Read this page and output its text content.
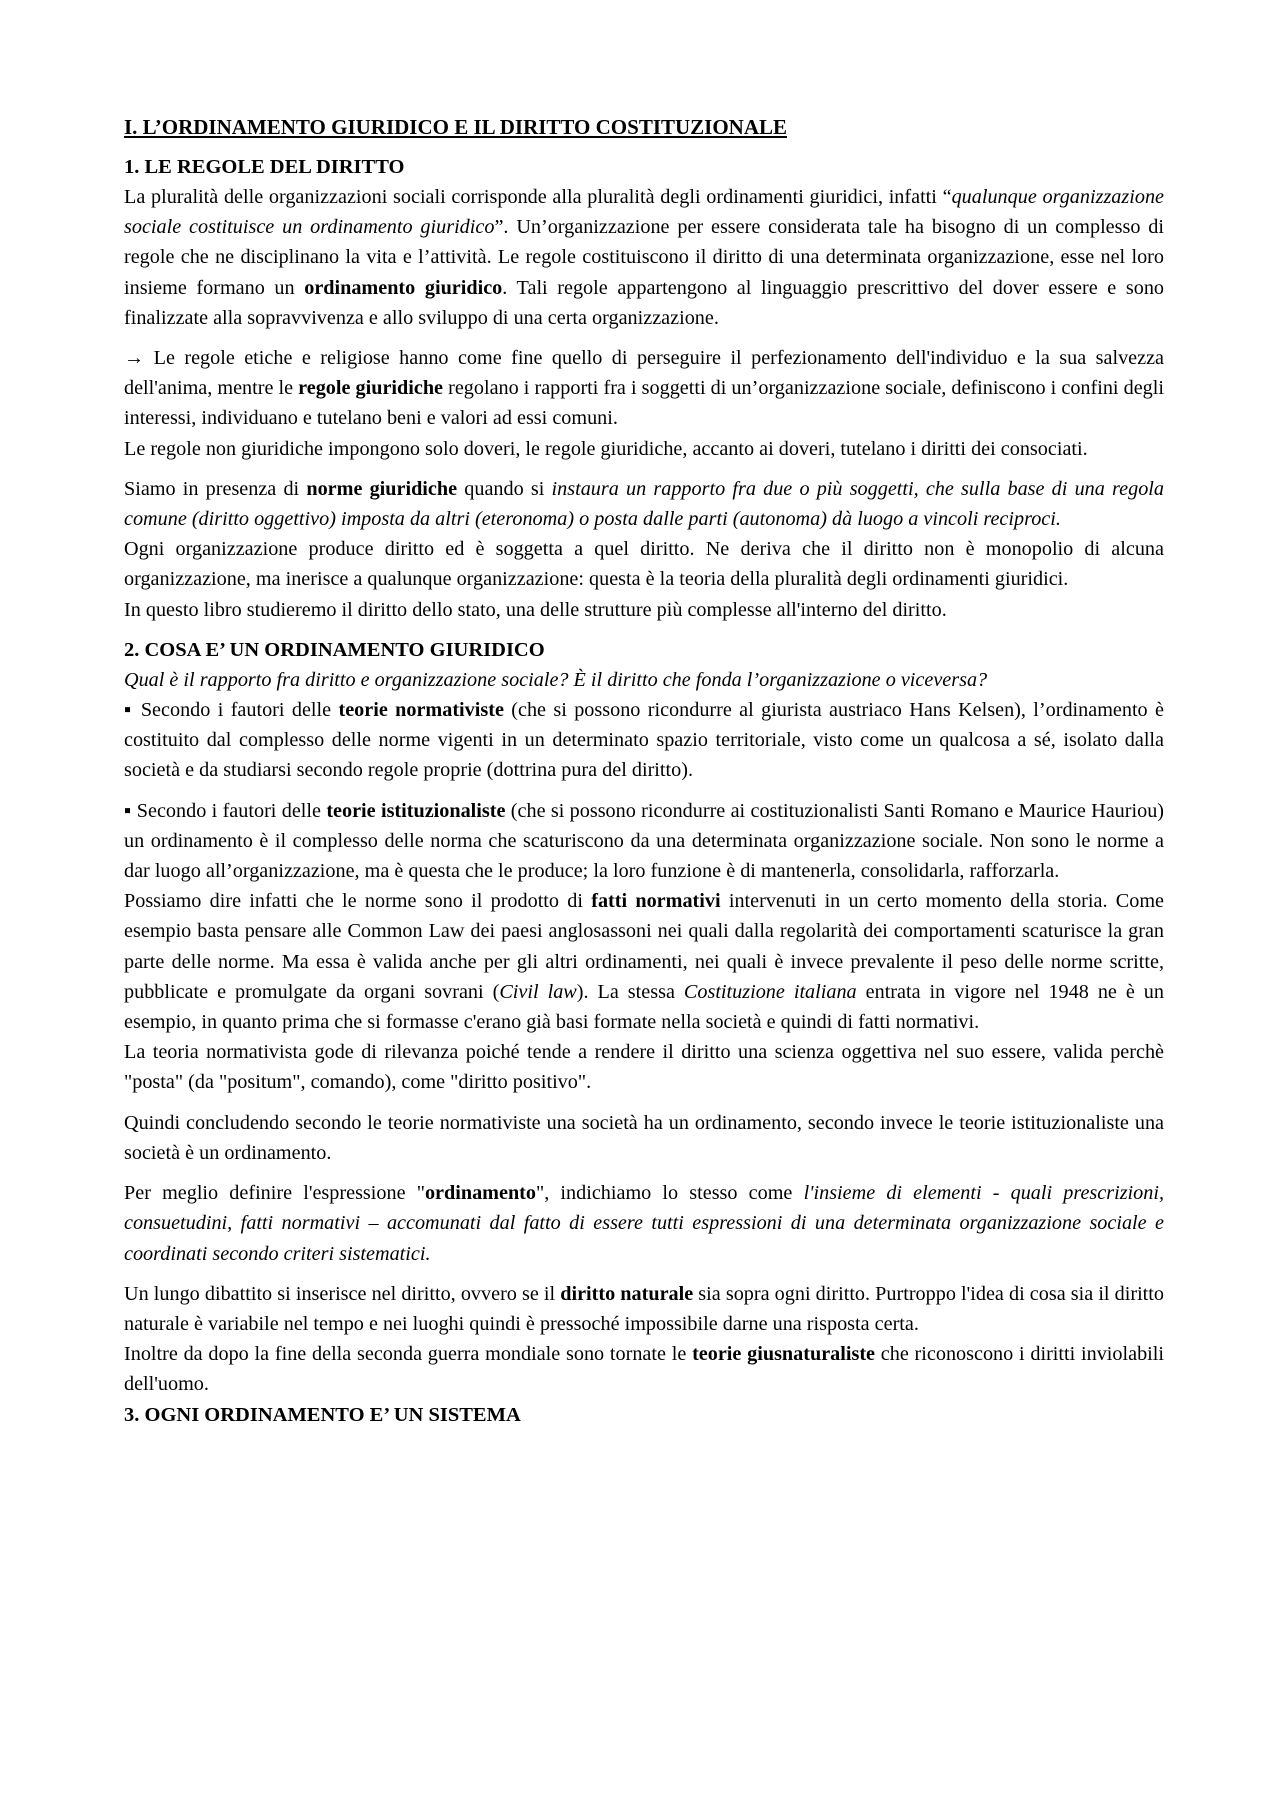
I. L’ORDINAMENTO GIURIDICO E IL DIRITTO COSTITUZIONALE
1. LE REGOLE DEL DIRITTO

La pluralità delle organizzazioni sociali corrisponde alla pluralità degli ordinamenti giuridici, infatti “qualunque organizzazione sociale costituisce un ordinamento giuridico”. Un’organizzazione per essere considerata tale ha bisogno di un complesso di regole che ne disciplinano la vita e l’attività. Le regole costituiscono il diritto di una determinata organizzazione, esse nel loro insieme formano un ordinamento giuridico. Tali regole appartengono al linguaggio prescrittivo del dover essere e sono finalizzate alla sopravvivenza e allo sviluppo di una certa organizzazione.

→ Le regole etiche e religiose hanno come fine quello di perseguire il perfezionamento dell'individuo e la sua salvezza dell'anima, mentre le regole giuridiche regolano i rapporti fra i soggetti di un’organizzazione sociale, definiscono i confini degli interessi, individuano e tutelano beni e valori ad essi comuni.

Le regole non giuridiche impongono solo doveri, le regole giuridiche, accanto ai doveri, tutelano i diritti dei consociati.

Siamo in presenza di norme giuridiche quando si instaura un rapporto fra due o più soggetti, che sulla base di una regola comune (diritto oggettivo) imposta da altri (eteronoma) o posta dalle parti (autonoma) dà luogo a vincoli reciproci.

Ogni organizzazione produce diritto ed è soggetta a quel diritto. Ne deriva che il diritto non è monopolio di alcuna organizzazione, ma inerisce a qualunque organizzazione: questa è la teoria della pluralità degli ordinamenti giuridici.

In questo libro studieremo il diritto dello stato, una delle strutture più complesse all'interno del diritto.

2. COSA E’ UN ORDINAMENTO GIURIDICO

Qual è il rapporto fra diritto e organizzazione sociale? È il diritto che fonda l’organizzazione o viceversa?

▪ Secondo i fautori delle teorie normativiste (che si possono ricondurre al giurista austriaco Hans Kelsen), l’ordinamento è costituito dal complesso delle norme vigenti in un determinato spazio territoriale, visto come un qualcosa a sé, isolato dalla società e da studiarsi secondo regole proprie (dottrina pura del diritto).

▪ Secondo i fautori delle teorie istituzionaliste (che si possono ricondurre ai costituzionalisti Santi Romano e Maurice Hauriou) un ordinamento è il complesso delle norma che scaturiscono da una determinata organizzazione sociale. Non sono le norme a dar luogo all’organizzazione, ma è questa che le produce; la loro funzione è di mantenerla, consolidarla, rafforzarla.

Possiamo dire infatti che le norme sono il prodotto di fatti normativi intervenuti in un certo momento della storia. Come esempio basta pensare alle Common Law dei paesi anglosassoni nei quali dalla regolarità dei comportamenti scaturisce la gran parte delle norme. Ma essa è valida anche per gli altri ordinamenti, nei quali è invece prevalente il peso delle norme scritte, pubblicate e promulgate da organi sovrani (Civil law). La stessa Costituzione italiana entrata in vigore nel 1948 ne è un esempio, in quanto prima che si formasse c'erano già basi formate nella società e quindi di fatti normativi.

La teoria normativista gode di rilevanza poiché tende a rendere il diritto una scienza oggettiva nel suo essere, valida perchè "posta" (da "positum", comando), come "diritto positivo".

Quindi concludendo secondo le teorie normativiste una società ha un ordinamento, secondo invece le teorie istituzionaliste una società è un ordinamento.

Per meglio definire l'espressione "ordinamento", indichiamo lo stesso come l'insieme di elementi - quali prescrizioni, consuetudini, fatti normativi – accomunati dal fatto di essere tutti espressioni di una determinata organizzazione sociale e coordinati secondo criteri sistematici.

Un lungo dibattito si inserisce nel diritto, ovvero se il diritto naturale sia sopra ogni diritto. Purtroppo l'idea di cosa sia il diritto naturale è variabile nel tempo e nei luoghi quindi è pressoché impossibile darne una risposta certa.

Inoltre da dopo la fine della seconda guerra mondiale sono tornate le teorie giusnaturaliste che riconoscono i diritti inviolabili dell'uomo.

3. OGNI ORDINAMENTO E’ UN SISTEMA
